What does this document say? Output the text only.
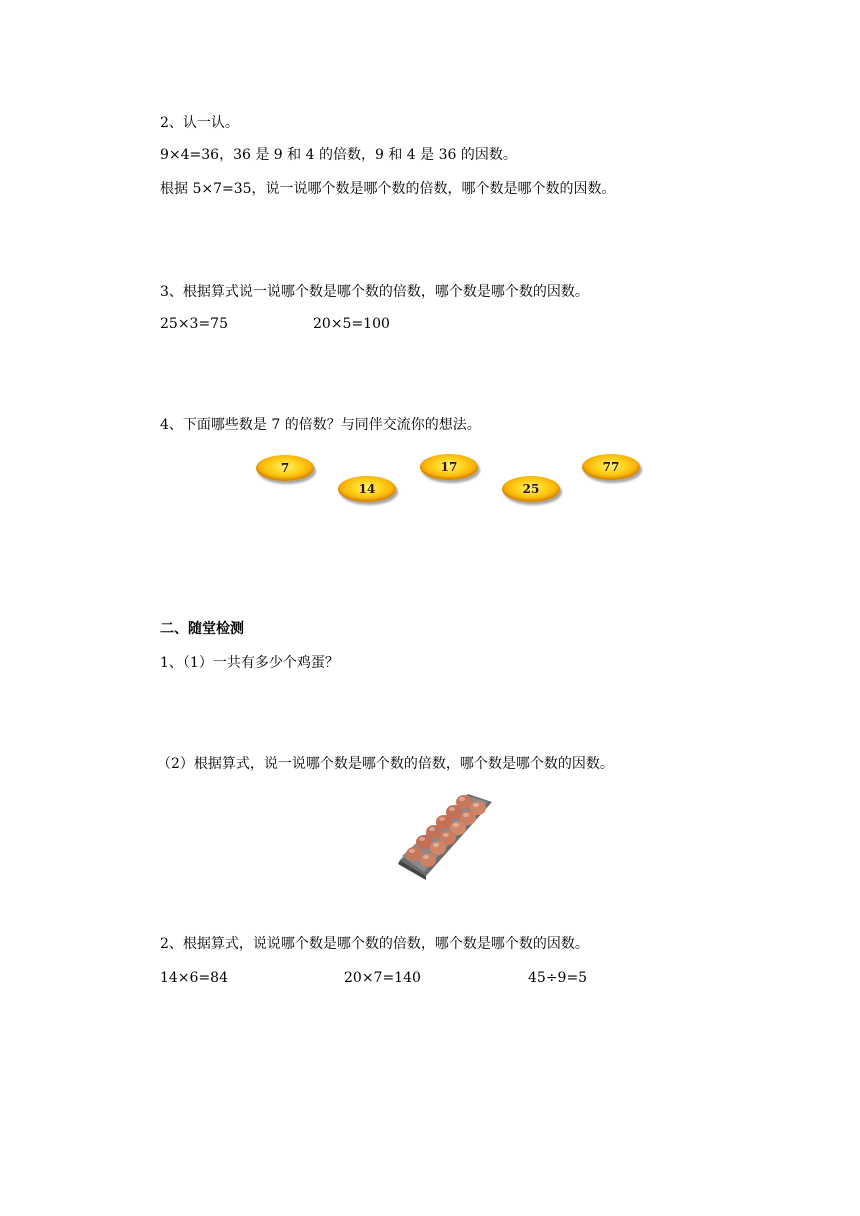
2、认一认。
9×4=36，36 是 9 和 4 的倍数，9 和 4 是 36 的因数。
根据 5×7=35，说一说哪个数是哪个数的倍数，哪个数是哪个数的因数。
3、根据算式说一说哪个数是哪个数的倍数，哪个数是哪个数的因数。
25×3=75	20×5=100
4、下面哪些数是 7 的倍数？与同伴交流你的想法。
7
14
17
25
77
二、随堂检测
1、（1）一共有多少个鸡蛋？
（2）根据算式，说一说哪个数是哪个数的倍数，哪个数是哪个数的因数。
2、根据算式，说说哪个数是哪个数的倍数，哪个数是哪个数的因数。
14×6=84	20×7=140	45÷9=5
